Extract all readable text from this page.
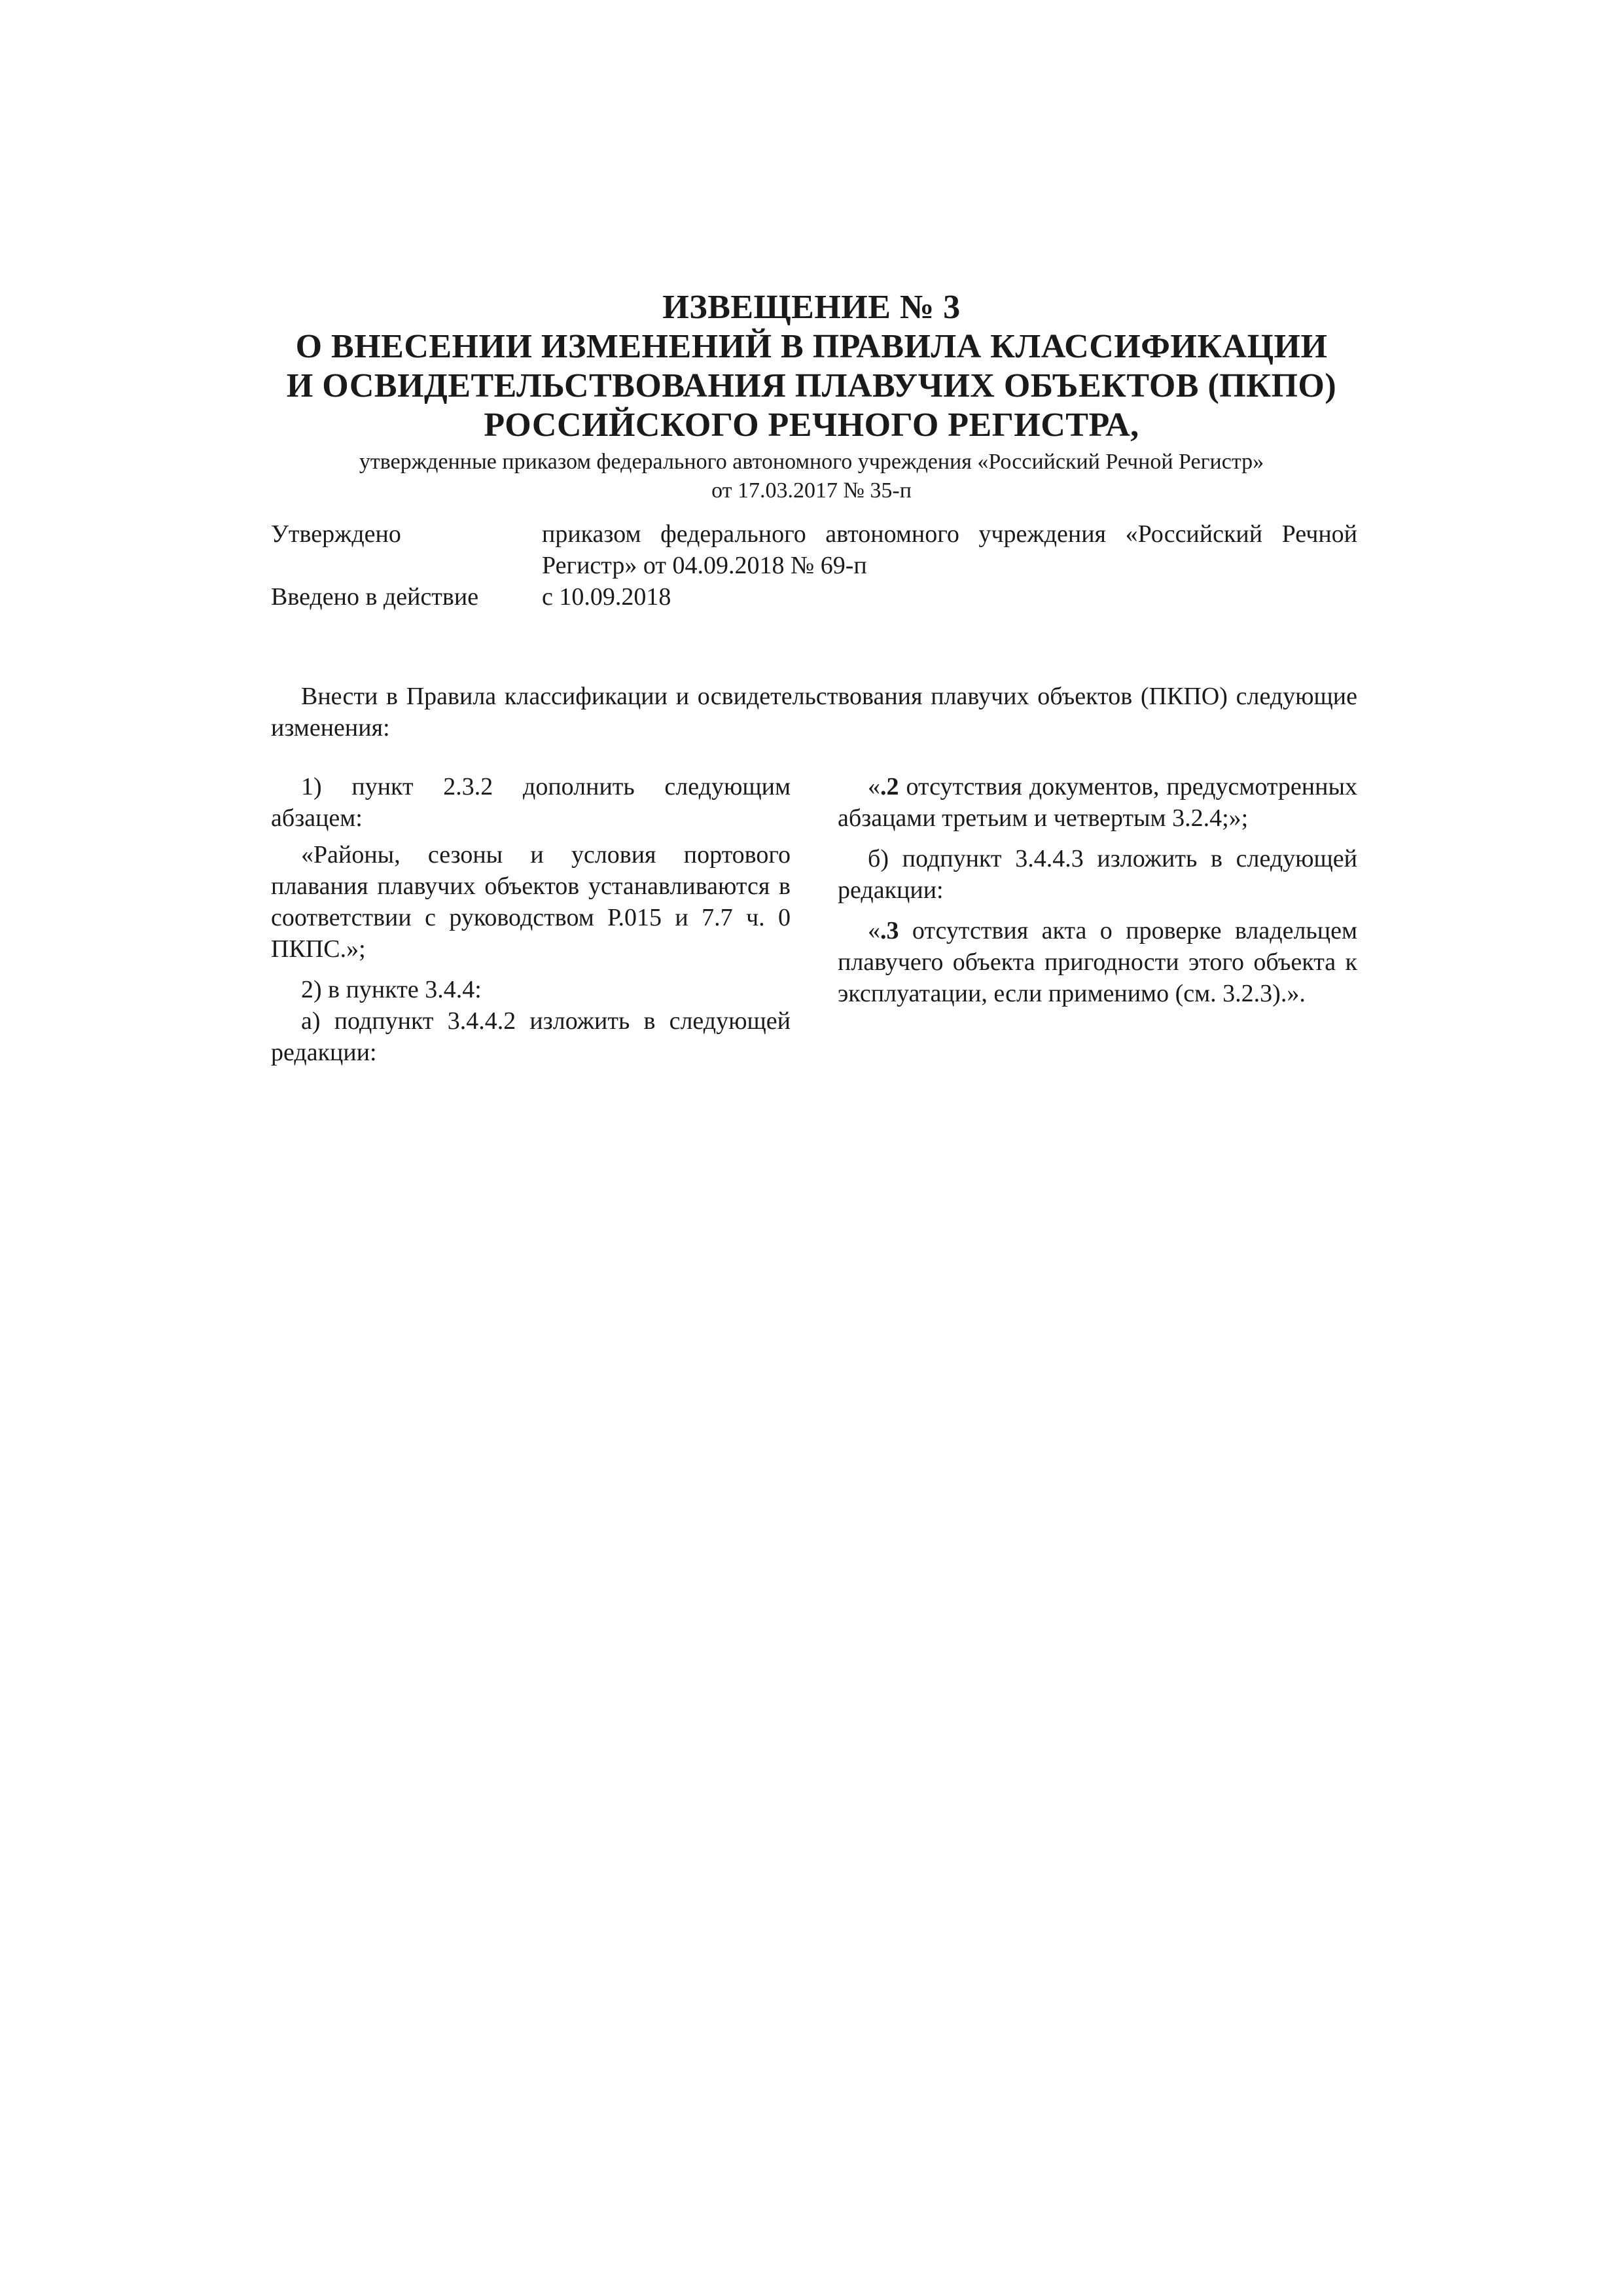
ИЗВЕЩЕНИЕ № 3
О ВНЕСЕНИИ ИЗМЕНЕНИЙ В ПРАВИЛА КЛАССИФИКАЦИИ
И ОСВИДЕТЕЛЬСТВОВАНИЯ ПЛАВУЧИХ ОБЪЕКТОВ (ПКПО)
РОССИЙСКОГО РЕЧНОГО РЕГИСТРА,
утвержденные приказом федерального автономного учреждения «Российский Речной Регистр»
от 17.03.2017 № 35-п
Утверждено	приказом федерального автономного учреждения «Российский Речной Регистр» от 04.09.2018 № 69-п
Введено в действие	с 10.09.2018
Внести в Правила классификации и освидетельствования плавучих объектов (ПКПО) следующие изменения:

1) пункт 2.3.2 дополнить следующим абзацем:

«Районы, сезоны и условия портового плавания плавучих объектов устанавливаются в соответствии с руководством Р.015 и 7.7 ч. 0 ПКПС.»;

2) в пункте 3.4.4:

а) подпункт 3.4.4.2 изложить в следующей редакции:

«.2 отсутствия документов, предусмотренных абзацами третьим и четвертым 3.2.4;»;

б) подпункт 3.4.4.3 изложить в следующей редакции:

«.3 отсутствия акта о проверке владельцем плавучего объекта пригодности этого объекта к эксплуатации, если применимо (см. 3.2.3).».
